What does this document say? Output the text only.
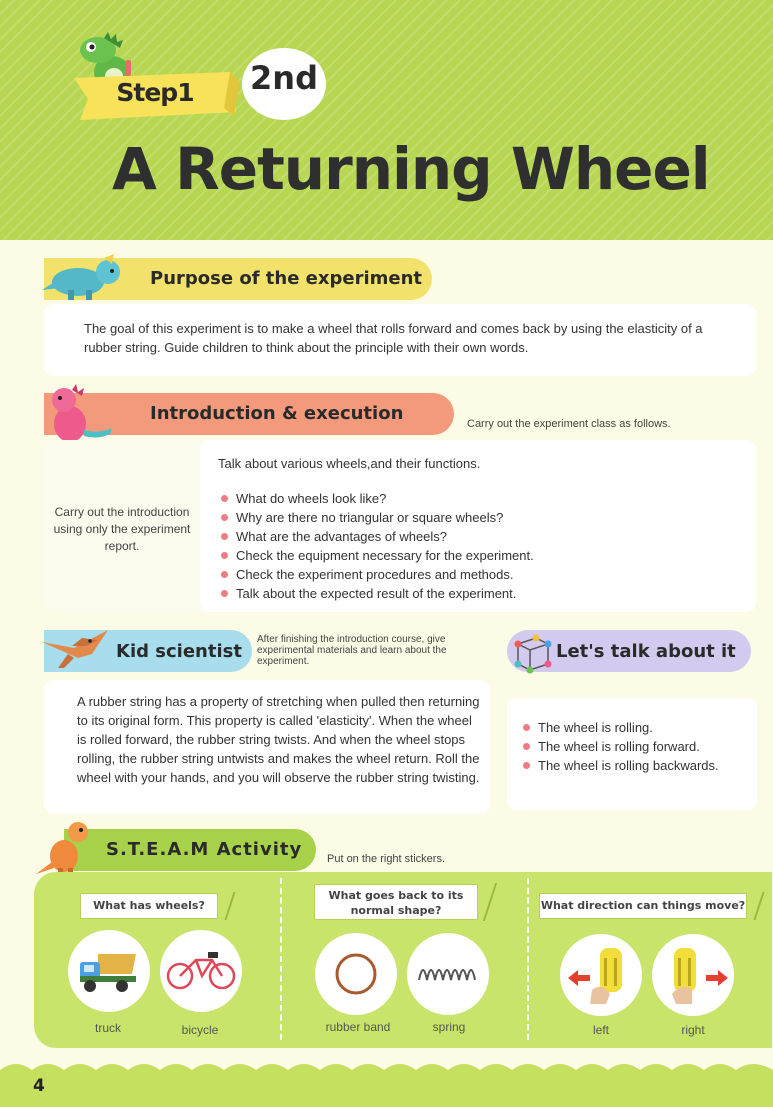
Step1	2nd
A Returning Wheel
Purpose of the experiment
The goal of this experiment is to make a wheel that rolls forward and comes back by using the elasticity of a rubber string. Guide children to think about the principle with their own words.
Introduction & execution	Carry out the experiment class as follows.
Carry out the introduction using only the experiment report.
Talk about various wheels,and their functions.
What do wheels look like?
Why are there no triangular or square wheels?
What are the advantages of wheels?
Check the equipment necessary for the experiment.
Check the experiment procedures and methods.
Talk about the expected result of the experiment.
Kid scientist
After finishing the introduction course, give experimental materials and learn about the experiment.
A rubber string has a property of stretching when pulled then returning to its original form. This property is called 'elasticity'. When the wheel is rolled forward, the rubber string twists. And when the wheel stops rolling, the rubber string untwists and makes the wheel return. Roll the wheel with your hands, and you will observe the rubber string twisting.
Let's talk about it
The wheel is rolling.
The wheel is rolling forward.
The wheel is rolling backwards.
S.T.E.A.M Activity Put on the right stickers.
What has wheels?
truck	bicycle
What goes back to its normal shape?
rubber band	spring
What direction can things move?
left	right
4
